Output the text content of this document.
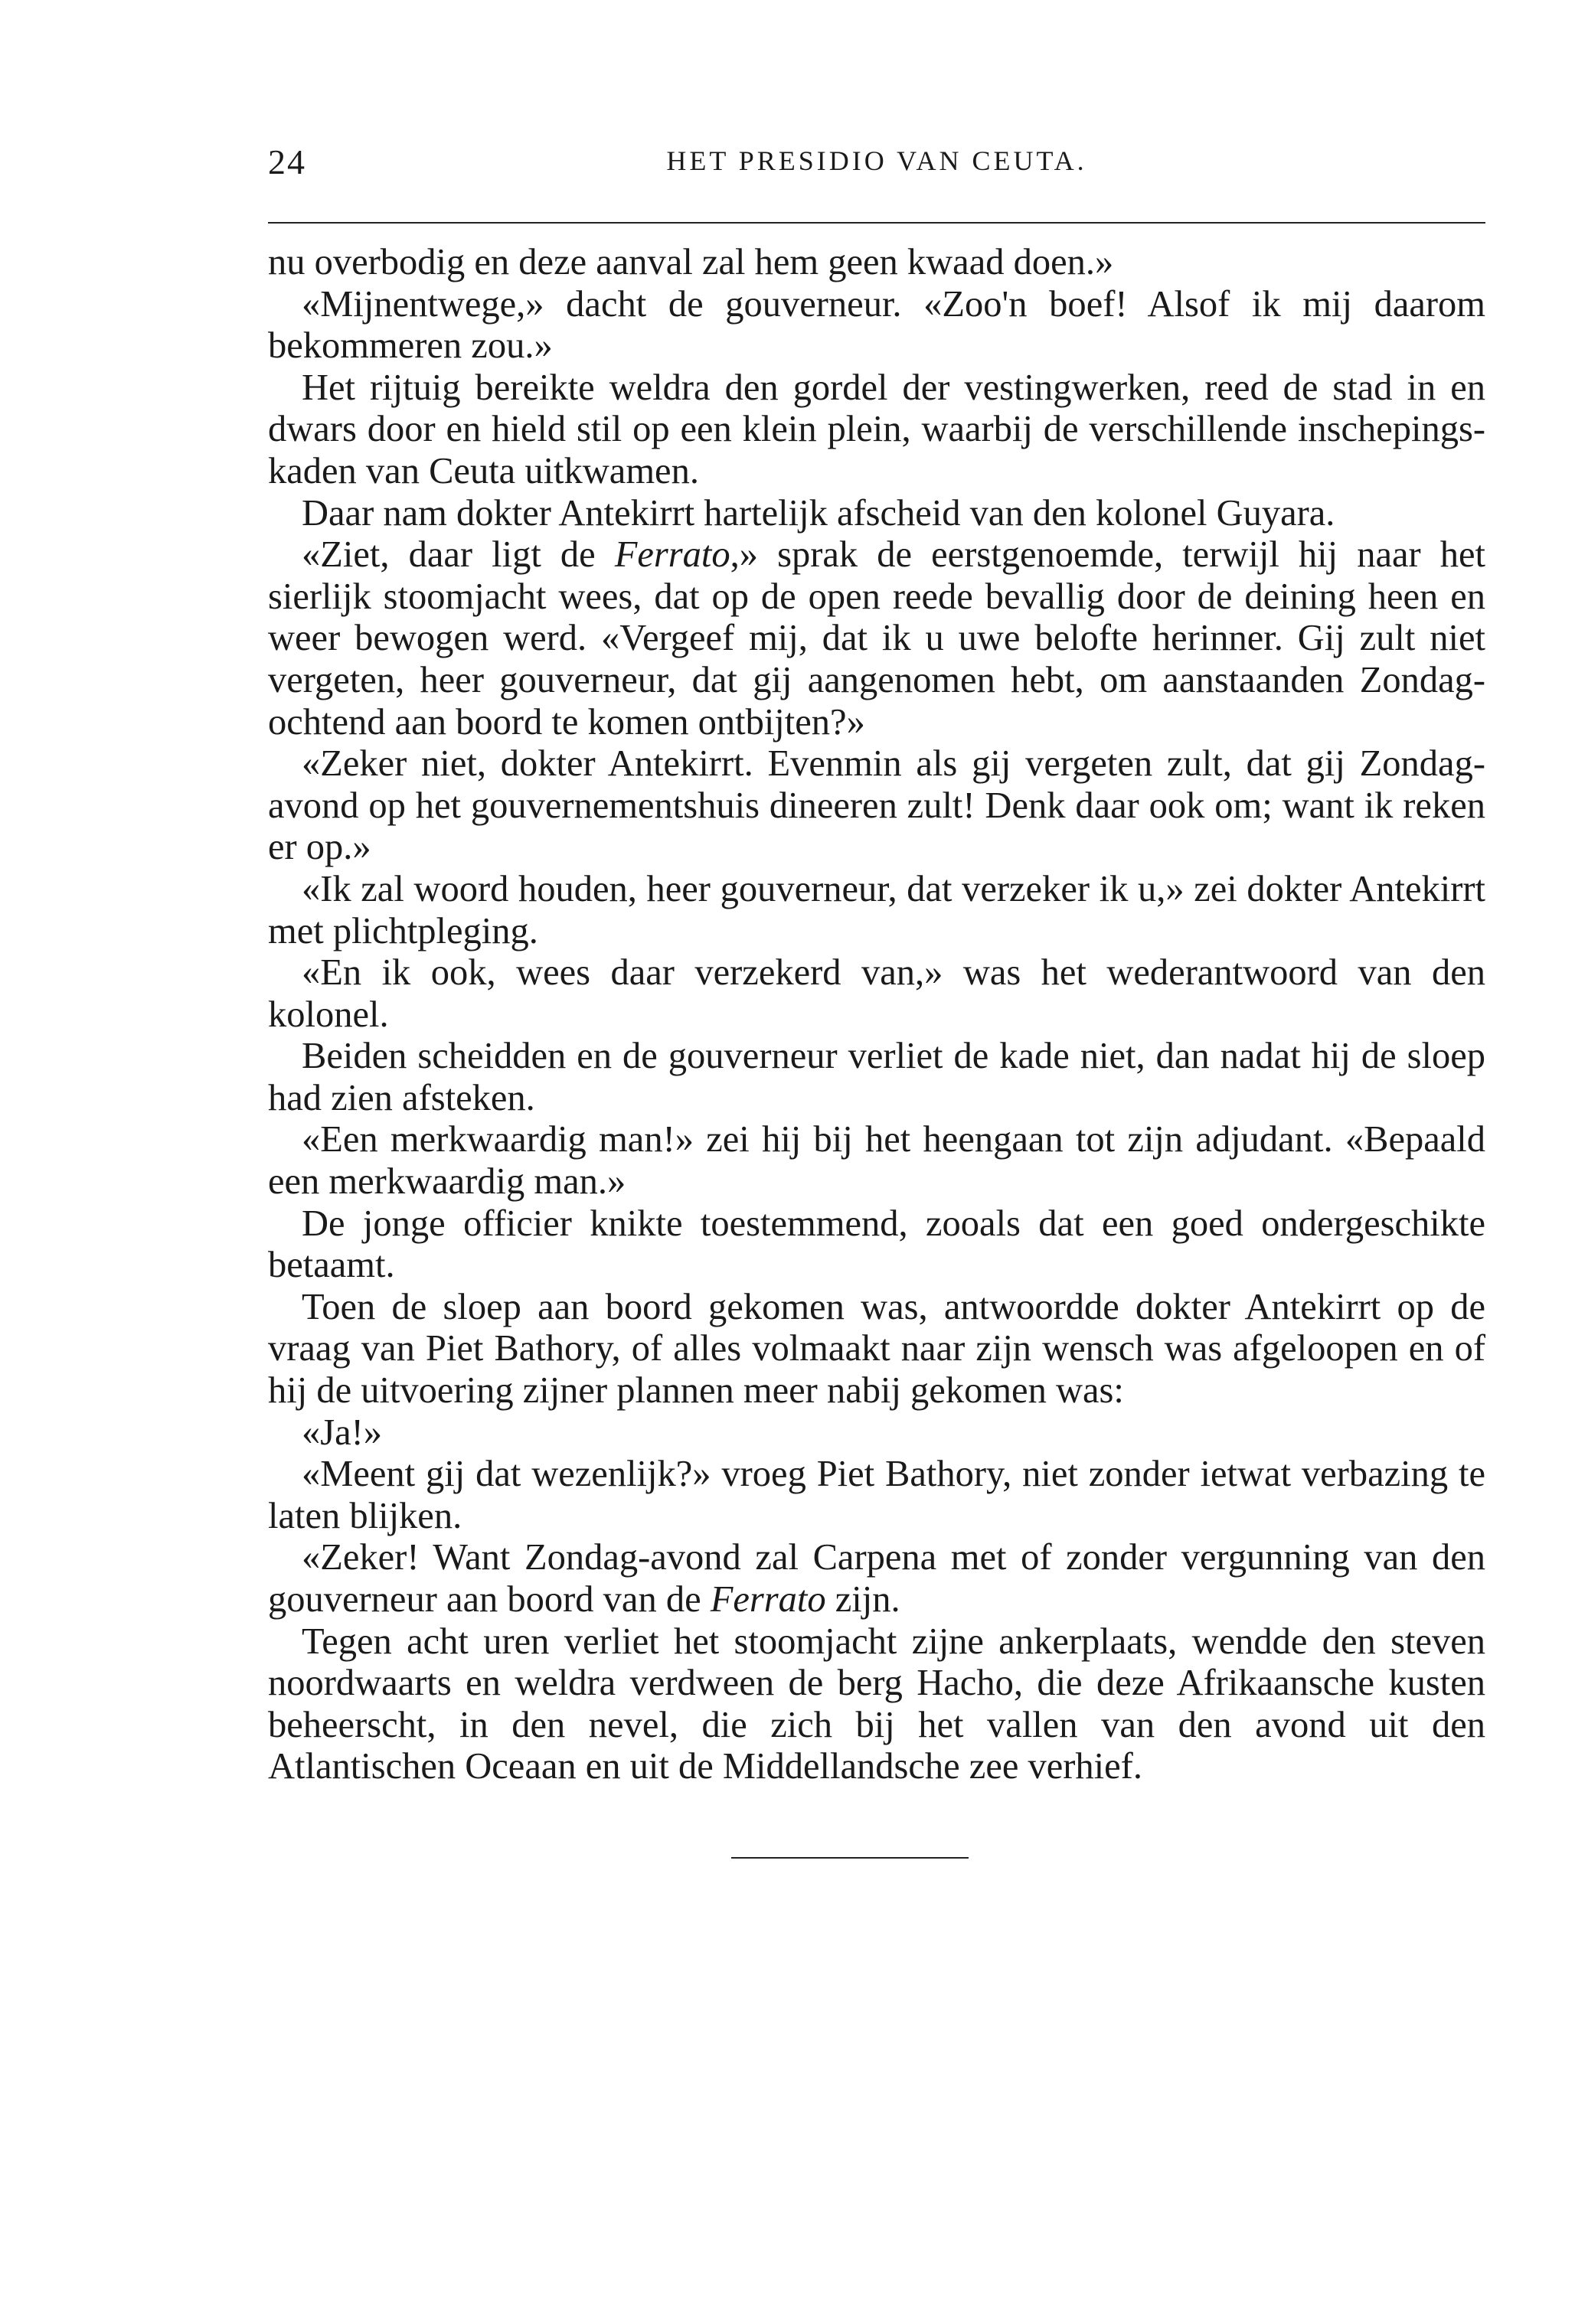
24	HET PRESIDIO VAN CEUTA.

nu overbodig en deze aanval zal hem geen kwaad doen.»

«Mijnentwege,» dacht de gouverneur. «Zoo'n boef! Alsof ik mij daarom bekommeren zou.»

Het rijtuig bereikte weldra den gordel der vestingwerken, reed de stad in en dwars door en hield stil op een klein plein, waarbij de verschillende inschepings-kaden van Ceuta uitkwamen.

Daar nam dokter Antekirrt hartelijk afscheid van den kolonel Guyara.

«Ziet, daar ligt de Ferrato,» sprak de eerstgenoemde, terwijl hij naar het sierlijk stoomjacht wees, dat op de open reede bevallig door de deining heen en weer bewogen werd. «Vergeef mij, dat ik u uwe belofte herinner. Gij zult niet vergeten, heer gouverneur, dat gij aangenomen hebt, om aanstaanden Zondag-ochtend aan boord te komen ontbijten?»

«Zeker niet, dokter Antekirrt. Evenmin als gij vergeten zult, dat gij Zondag-avond op het gouvernementshuis dineeren zult! Denk daar ook om; want ik reken er op.»

«Ik zal woord houden, heer gouverneur, dat verzeker ik u,» zei dokter Antekirrt met plichtpleging.

«En ik ook, wees daar verzekerd van,» was het wederantwoord van den kolonel.

Beiden scheidden en de gouverneur verliet de kade niet, dan nadat hij de sloep had zien afsteken.

«Een merkwaardig man!» zei hij bij het heengaan tot zijn adjudant. «Bepaald een merkwaardig man.»

De jonge officier knikte toestemmend, zooals dat een goed ondergeschikte betaamt.

Toen de sloep aan boord gekomen was, antwoordde dokter Antekirrt op de vraag van Piet Bathory, of alles volmaakt naar zijn wensch was afgeloopen en of hij de uitvoering zijner plannen meer nabij gekomen was:

«Ja!»

«Meent gij dat wezenlijk?» vroeg Piet Bathory, niet zonder ietwat verbazing te laten blijken.

«Zeker! Want Zondag-avond zal Carpena met of zonder vergunning van den gouverneur aan boord van de Ferrato zijn.

Tegen acht uren verliet het stoomjacht zijne ankerplaats, wendde den steven noordwaarts en weldra verdween de berg Hacho, die deze Afrikaansche kusten beheerscht, in den nevel, die zich bij het vallen van den avond uit den Atlantischen Oceaan en uit de Middellandsche zee verhief.
